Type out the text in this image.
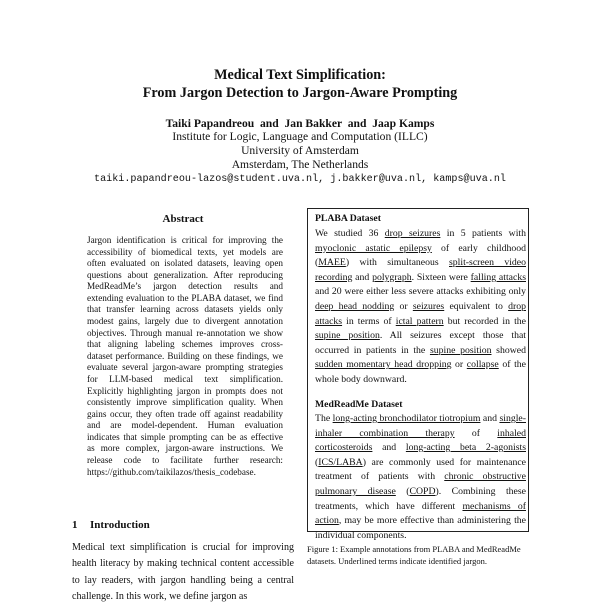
Medical Text Simplification:
From Jargon Detection to Jargon-Aware Prompting
Taiki Papandreou  and  Jan Bakker  and  Jaap Kamps
Institute for Logic, Language and Computation (ILLC)
University of Amsterdam
Amsterdam, The Netherlands
taiki.papandreou-lazos@student.uva.nl, j.bakker@uva.nl, kamps@uva.nl
Abstract
Jargon identification is critical for improving the accessibility of biomedical texts, yet models are often evaluated on isolated datasets, leaving open questions about generalization. After reproducing MedReadMe’s jargon detection results and extending evaluation to the PLABA dataset, we find that transfer learning across datasets yields only modest gains, largely due to divergent annotation objectives. Through manual re-annotation we show that aligning labeling schemes improves cross-dataset performance. Building on these findings, we evaluate several jargon-aware prompting strategies for LLM-based medical text simplification. Explicitly highlighting jargon in prompts does not consistently improve simplification quality. When gains occur, they often trade off against readability and are model-dependent. Human evaluation indicates that simple prompting can be as effective as more complex, jargon-aware instructions. We release code to facilitate further research: https://github.com/taikilazos/thesis_codebase.
1 Introduction
Medical text simplification is crucial for improving health literacy by making technical content accessible to lay readers, with jargon handling being a central challenge. In this work, we define jargon as
PLABA Dataset
We studied 36 drop seizures in 5 patients with myoclonic astatic epilepsy of early childhood (MAEE) with simultaneous split-screen video recording and polygraph. Sixteen were falling attacks and 20 were either less severe attacks exhibiting only deep head nodding or seizures equivalent to drop attacks in terms of ictal pattern but recorded in the supine position. All seizures except those that occurred in patients in the supine position showed sudden momentary head dropping or collapse of the whole body downward.
MedReadMe Dataset
The long-acting bronchodilator tiotropium and single-inhaler combination therapy of inhaled corticosteroids and long-acting beta 2-agonists (ICS/LABA) are commonly used for maintenance treatment of patients with chronic obstructive pulmonary disease (COPD). Combining these treatments, which have different mechanisms of action, may be more effective than administering the individual components.
Figure 1: Example annotations from PLABA and MedReadMe datasets. Underlined terms indicate identified jargon.
